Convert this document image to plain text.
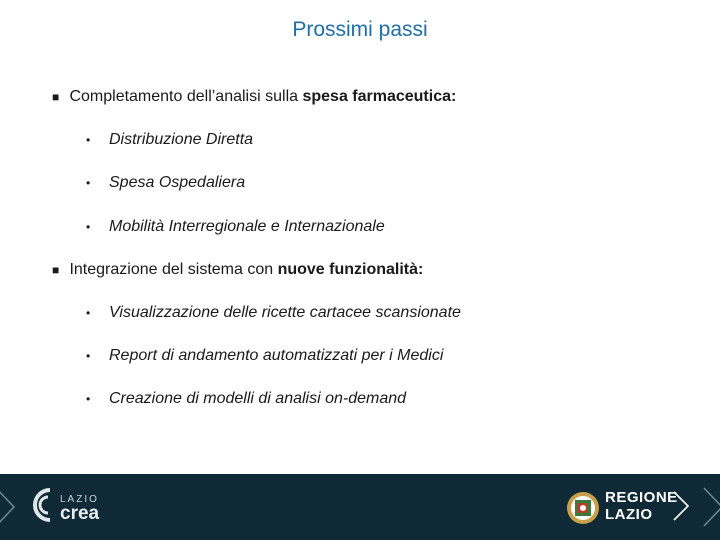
Prossimi passi
■ Completamento dell’analisi sulla spesa farmaceutica:
• Distribuzione Diretta
• Spesa Ospedaliera
• Mobilità Interregionale e Internazionale
■ Integrazione del sistema con nuove funzionalità:
• Visualizzazione delle ricette cartacee scansionate
• Report di andamento automatizzati per i Medici
• Creazione di modelli di analisi on-demand
LAZIO
crea
REGIONE
LAZIO
